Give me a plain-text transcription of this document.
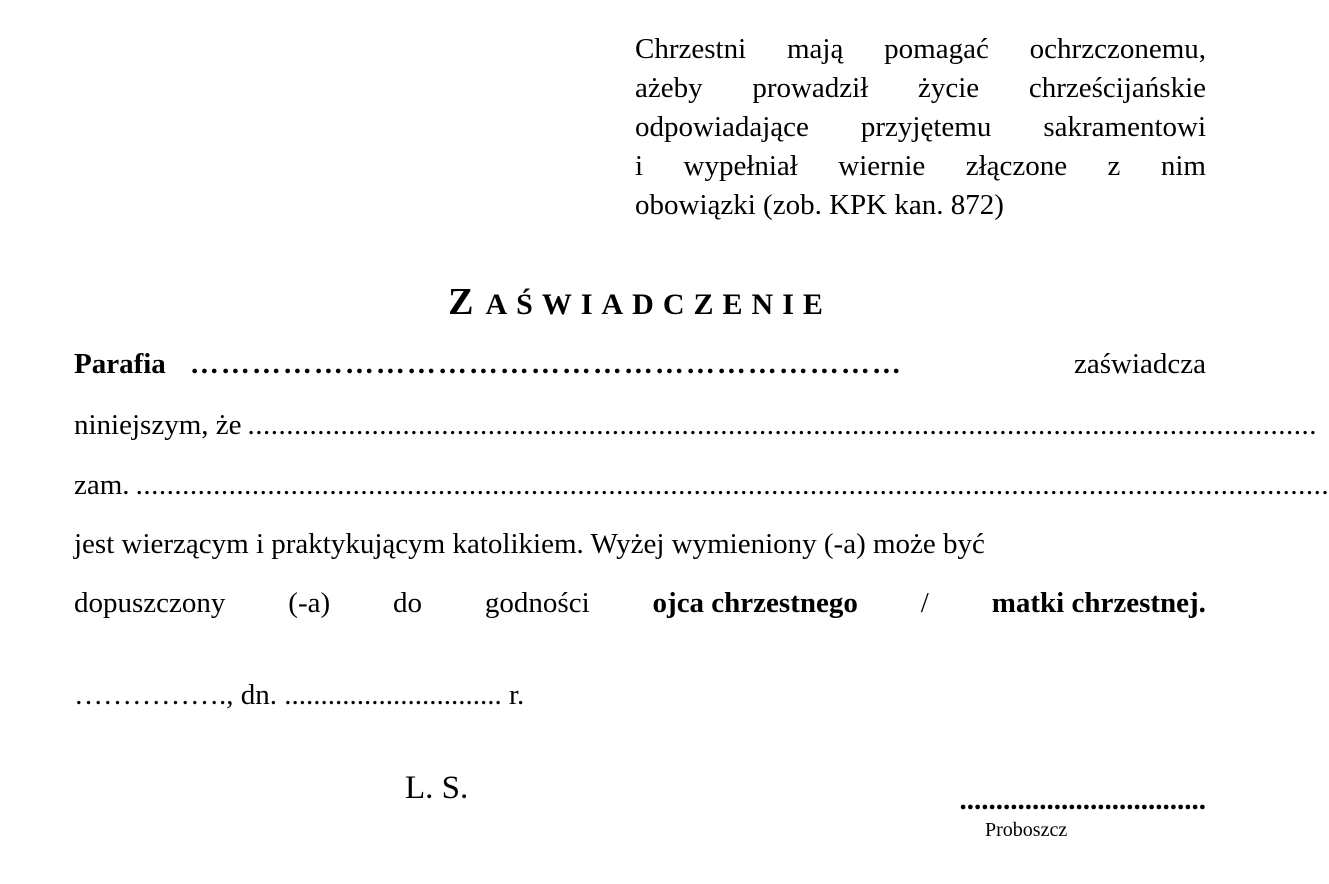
Chrzestni mają pomagać ochrzczonemu,
ażeby prowadził życie chrześcijańskie
odpowiadające przyjętemu sakramentowi
i wypełniał wiernie złączone z nim
obowiązki (zob. KPK kan. 872)
ZAŚWIADCZENIE
Parafia ……………………………………………………………	zaświadcza
niniejszym, że ..........................................................................................................................................
zam. ..........................................................................................................................................................
jest wierzącym i praktykującym katolikiem. Wyżej wymieniony (-a) może być
dopuszczony (-a) do godności ojca chrzestnego / matki chrzestnej.
……………., dn. .............................. r.
L. S.	..................................
Proboszcz
